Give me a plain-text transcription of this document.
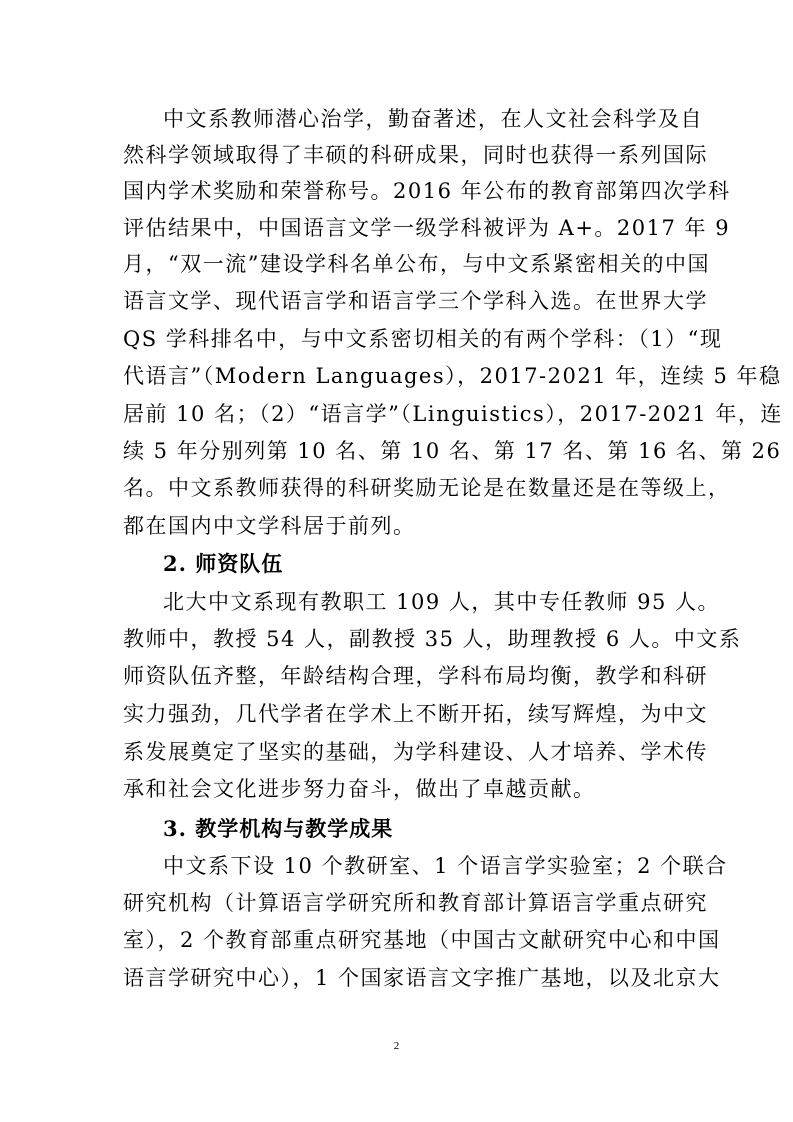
中文系教师潜心治学，勤奋著述，在人文社会科学及自
然科学领域取得了丰硕的科研成果，同时也获得一系列国际
国内学术奖励和荣誉称号。2016 年公布的教育部第四次学科
评估结果中，中国语言文学一级学科被评为 A+。2017 年 9
月，“双一流”建设学科名单公布，与中文系紧密相关的中国
语言文学、现代语言学和语言学三个学科入选。在世界大学
QS 学科排名中，与中文系密切相关的有两个学科：（1）“现
代语言”（Modern Languages），2017-2021 年，连续 5 年稳
居前 10 名；（2）“语言学”（Linguistics），2017-2021 年，连
续 5 年分别列第 10 名、第 10 名、第 17 名、第 16 名、第 26
名。中文系教师获得的科研奖励无论是在数量还是在等级上，
都在国内中文学科居于前列。
2. 师资队伍
北大中文系现有教职工 109 人，其中专任教师 95 人。
教师中，教授 54 人，副教授 35 人，助理教授 6 人。中文系
师资队伍齐整，年龄结构合理，学科布局均衡，教学和科研
实力强劲，几代学者在学术上不断开拓，续写辉煌，为中文
系发展奠定了坚实的基础，为学科建设、人才培养、学术传
承和社会文化进步努力奋斗，做出了卓越贡献。
3. 教学机构与教学成果
中文系下设 10 个教研室、1 个语言学实验室；2 个联合
研究机构（计算语言学研究所和教育部计算语言学重点研究
室），2 个教育部重点研究基地（中国古文献研究中心和中国
语言学研究中心），1 个国家语言文字推广基地，以及北京大
2
